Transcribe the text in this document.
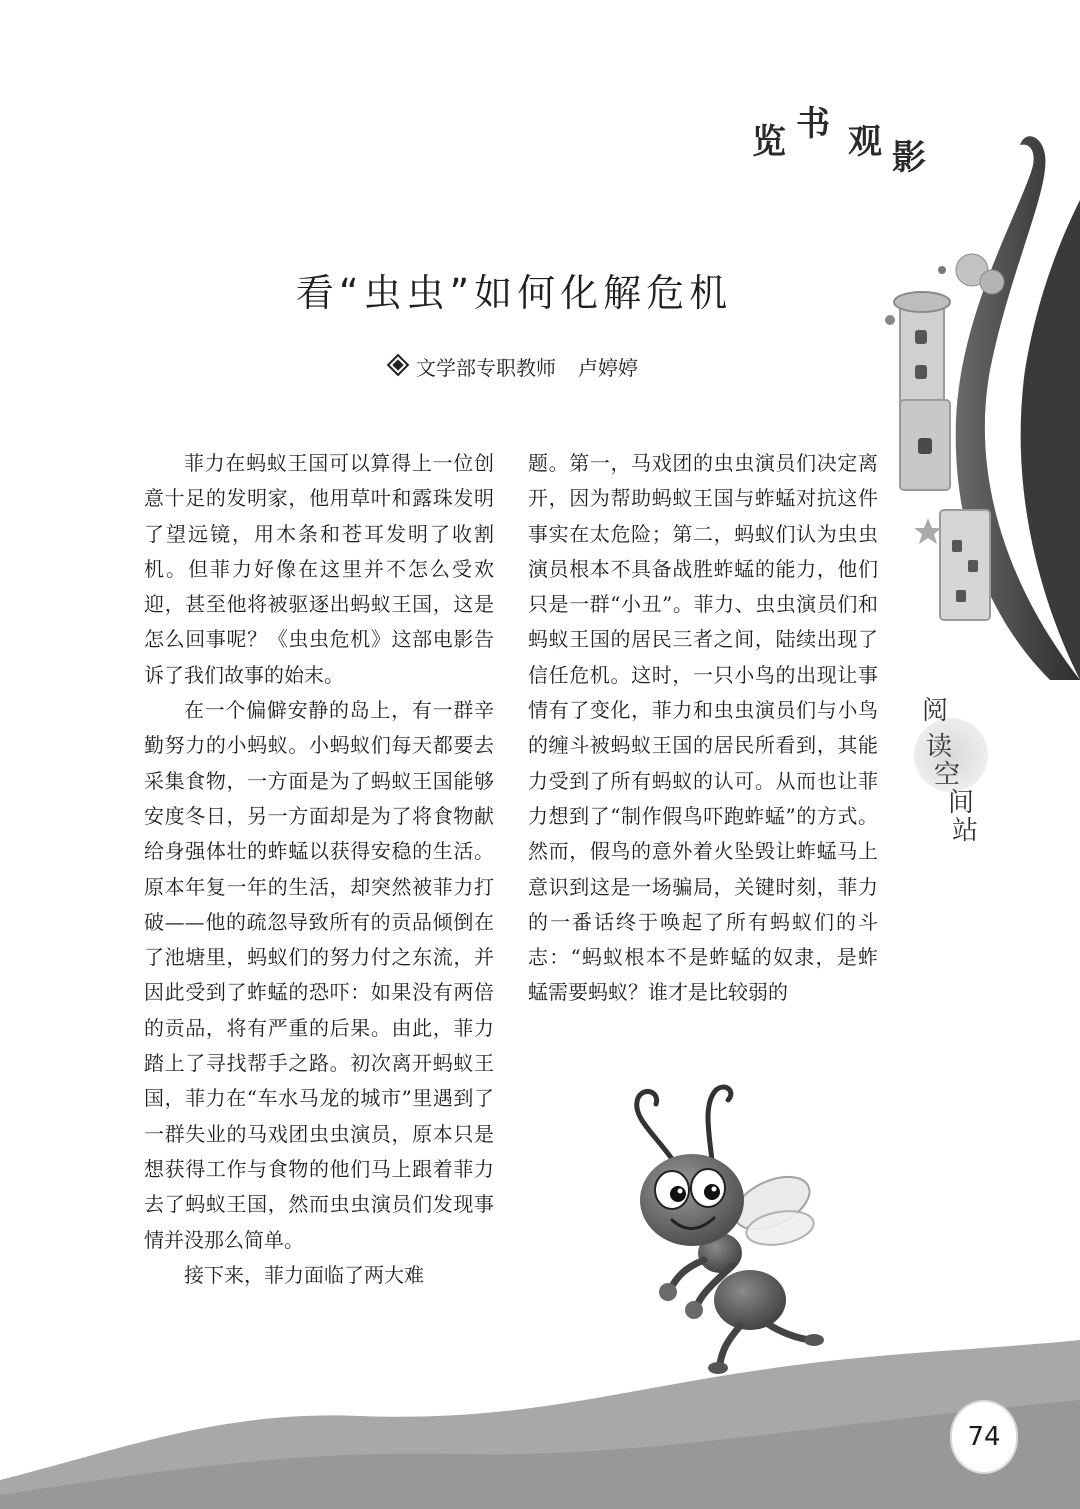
览 书 观 影
阅
读
空
间
站
看“虫虫”如何化解危机
文学部专职教师 卢婷婷

菲力在蚂蚁王国可以算得上一位创意十足的发明家，他用草叶和露珠发明了望远镜，用木条和苍耳发明了收割机。但菲力好像在这里并不怎么受欢迎，甚至他将被驱逐出蚂蚁王国，这是怎么回事呢？《虫虫危机》这部电影告诉了我们故事的始末。

在一个偏僻安静的岛上，有一群辛勤努力的小蚂蚁。小蚂蚁们每天都要去采集食物，一方面是为了蚂蚁王国能够安度冬日，另一方面却是为了将食物献给身强体壮的蚱蜢以获得安稳的生活。原本年复一年的生活，却突然被菲力打破——他的疏忽导致所有的贡品倾倒在了池塘里，蚂蚁们的努力付之东流，并因此受到了蚱蜢的恐吓：如果没有两倍的贡品，将有严重的后果。由此，菲力踏上了寻找帮手之路。初次离开蚂蚁王国，菲力在“车水马龙的城市”里遇到了一群失业的马戏团虫虫演员，原本只是想获得工作与食物的他们马上跟着菲力去了蚂蚁王国，然而虫虫演员们发现事情并没那么简单。

接下来，菲力面临了两大难

题。第一，马戏团的虫虫演员们决定离开，因为帮助蚂蚁王国与蚱蜢对抗这件事实在太危险；第二，蚂蚁们认为虫虫演员根本不具备战胜蚱蜢的能力，他们只是一群“小丑”。菲力、虫虫演员们和蚂蚁王国的居民三者之间，陆续出现了信任危机。这时，一只小鸟的出现让事情有了变化，菲力和虫虫演员们与小鸟的缠斗被蚂蚁王国的居民所看到，其能力受到了所有蚂蚁的认可。从而也让菲力想到了“制作假鸟吓跑蚱蜢”的方式。然而，假鸟的意外着火坠毁让蚱蜢马上意识到这是一场骗局，关键时刻，菲力的一番话终于唤起了所有蚂蚁们的斗志：“蚂蚁根本不是蚱蜢的奴隶，是蚱蜢需要蚂蚁？谁才是比较弱的

74
